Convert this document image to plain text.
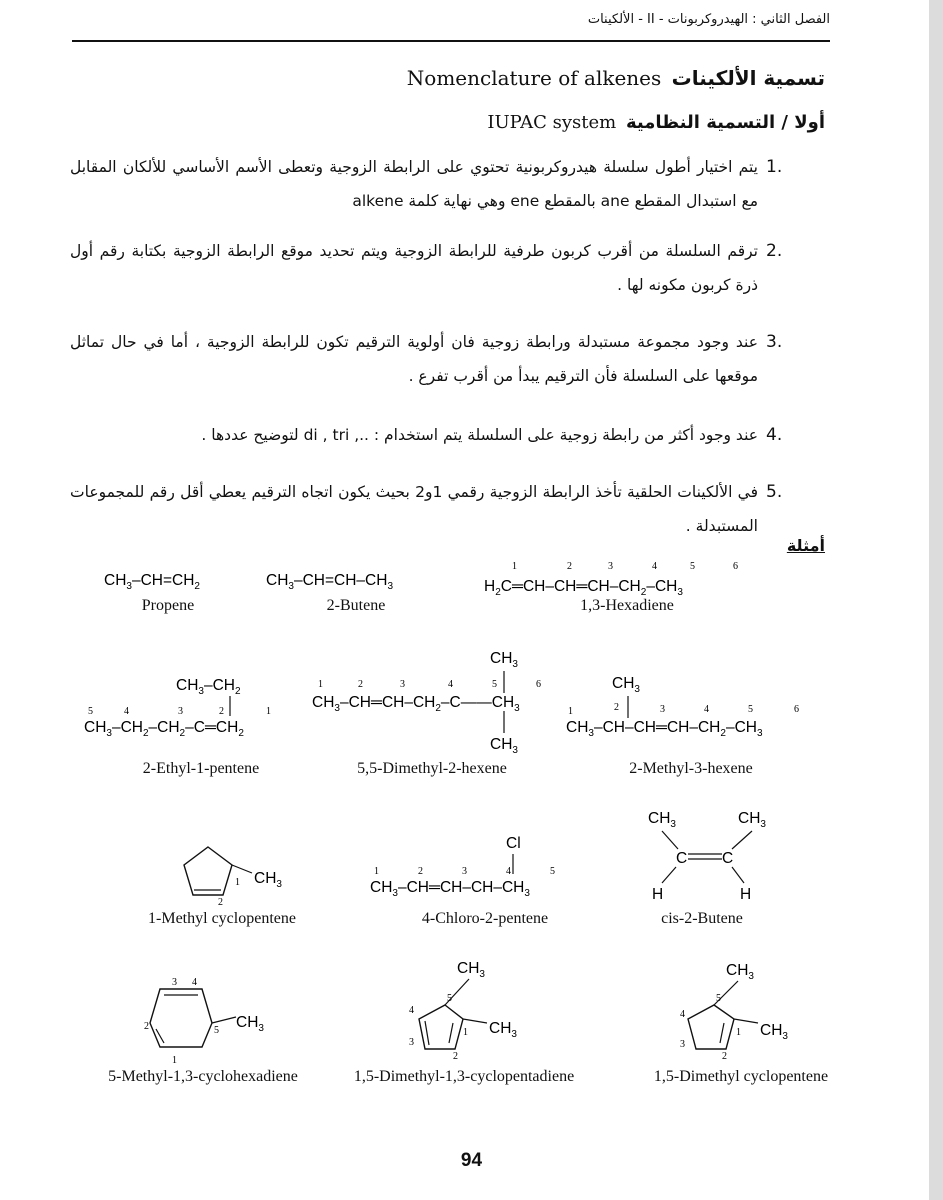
الفصل الثاني : الهيدروكربونات - II - الألكينات
Nomenclature of alkenes تسمية الألكينات
IUPAC system أولا / التسمية النظامية
1.
يتم اختيار أطول سلسلة هيدروكربونية تحتوي على الرابطة الزوجية وتعطى الأسم الأساسي للألكان المقابل مع استبدال المقطع ane بالمقطع ene وهي نهاية كلمة alkene
2.
ترقم السلسلة من أقرب كربون طرفية للرابطة الزوجية ويتم تحديد موقع الرابطة الزوجية بكتابة رقم أول ذرة كربون مكونه لها .
3.
عند وجود مجموعة مستبدلة ورابطة زوجية فان أولوية الترقيم تكون للرابطة الزوجية ، أما في حال تماثل موقعها على السلسلة فأن الترقيم يبدأ من أقرب تفرع .
4.
عند وجود أكثر من رابطة زوجية على السلسلة يتم استخدام : .., di , tri لتوضيح عددها .
5.
في الألكينات الحلقية تأخذ الرابطة الزوجية رقمي 1و2 بحيث يكون اتجاه الترقيم يعطي أقل رقم للمجموعات المستبدلة .
أمثلة
$CH_3-CH=CH_2$
Propene
$CH_3-CH=CH-CH_3$
2-Butene
1	2	3	4	5	6
$H_2C═CH-CH═CH-CH_2-CH_3$
1,3-Hexadiene
$CH_3-CH_2$
5	4	3	2	1
$CH_3-CH_2-CH_2-C═CH_2$
2-Ethyl-1-pentene
$CH_3$
1	2	3	4	5	6
$CH_3-CH═CH-CH_2-C——CH_3$
$CH_3$
5,5-Dimethyl-2-hexene
$CH_3$
1	2	3	4	5	6
$CH_3-CH-CH═CH-CH_2-CH_3$
2-Methyl-3-hexene
$CH_3$
1
2
1-Methyl cyclopentene
Cl
1	2	3	4	5
$CH_3-CH═CH-CH-CH_3$
4-Chloro-2-pentene
$CH_3$	$CH_3$
C C
H	H
cis-2-Butene
$CH_3$
3 4
2	5
1
5-Methyl-1,3-cyclohexadiene
$CH_3$
$CH_3$
5
4
3
1
2
1,5-Dimethyl-1,3-cyclopentadiene
$CH_3$
$CH_3$
5
4
3
1
2
1,5-Dimethyl cyclopentene
94
